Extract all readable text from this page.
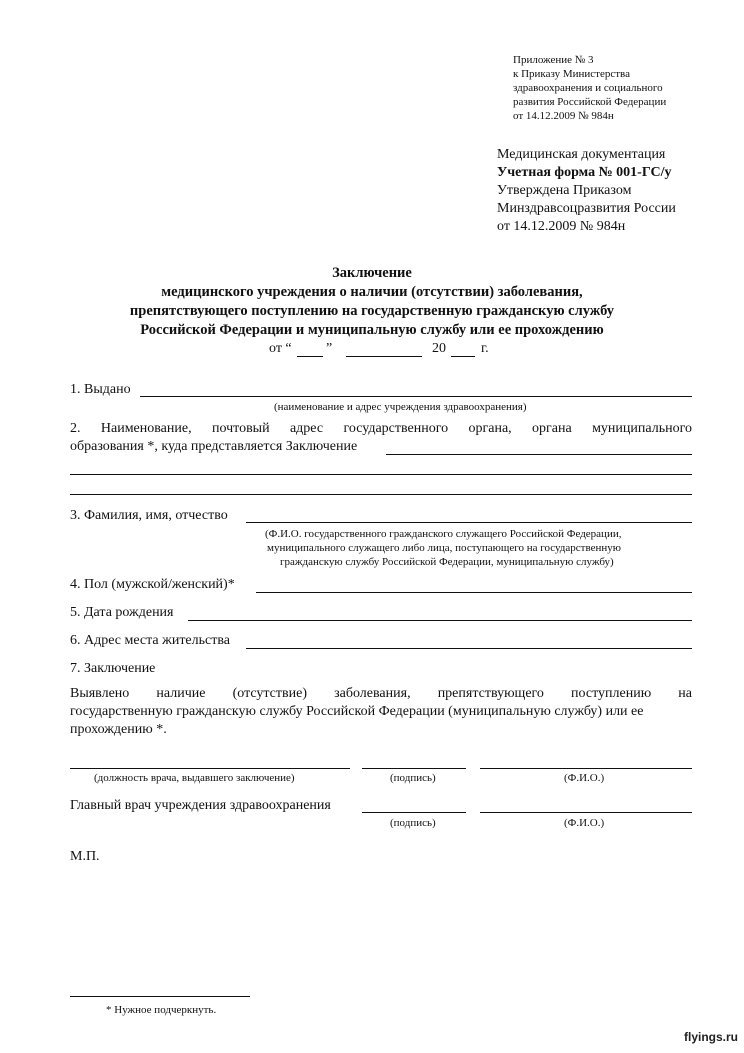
Приложение № 3
к Приказу Министерства
здравоохранения и социального
развития Российской Федерации
от 14.12.2009 № 984н
Медицинская документация
Учетная форма № 001-ГС/у
Утверждена Приказом
Минздравсоцразвития России
от 14.12.2009 № 984н
Заключение
медицинского учреждения о наличии (отсутствии) заболевания,
препятствующего поступлению на государственную гражданскую службу
Российской Федерации и муниципальную службу или ее прохождению
от “ ”	20	г.
1. Выдано
(наименование и адрес учреждения здравоохранения)
2. Наименование, почтовый адрес государственного органа, органа муниципального
образования *, куда представляется Заключение
3. Фамилия, имя, отчество
(Ф.И.О. государственного гражданского служащего Российской Федерации,
муниципального служащего либо лица, поступающего на государственную
гражданскую службу Российской Федерации, муниципальную службу)
4. Пол (мужской/женский)*
5. Дата рождения
6. Адрес места жительства
7. Заключение
Выявлено наличие (отсутствие) заболевания, препятствующего поступлению на
государственную гражданскую службу Российской Федерации (муниципальную службу) или ее
прохождению *.
(должность врача, выдавшего заключение)	(подпись)	(Ф.И.О.)
Главный врач учреждения здравоохранения
(подпись)	(Ф.И.О.)
М.П.
* Нужное подчеркнуть.
flyings.ru
